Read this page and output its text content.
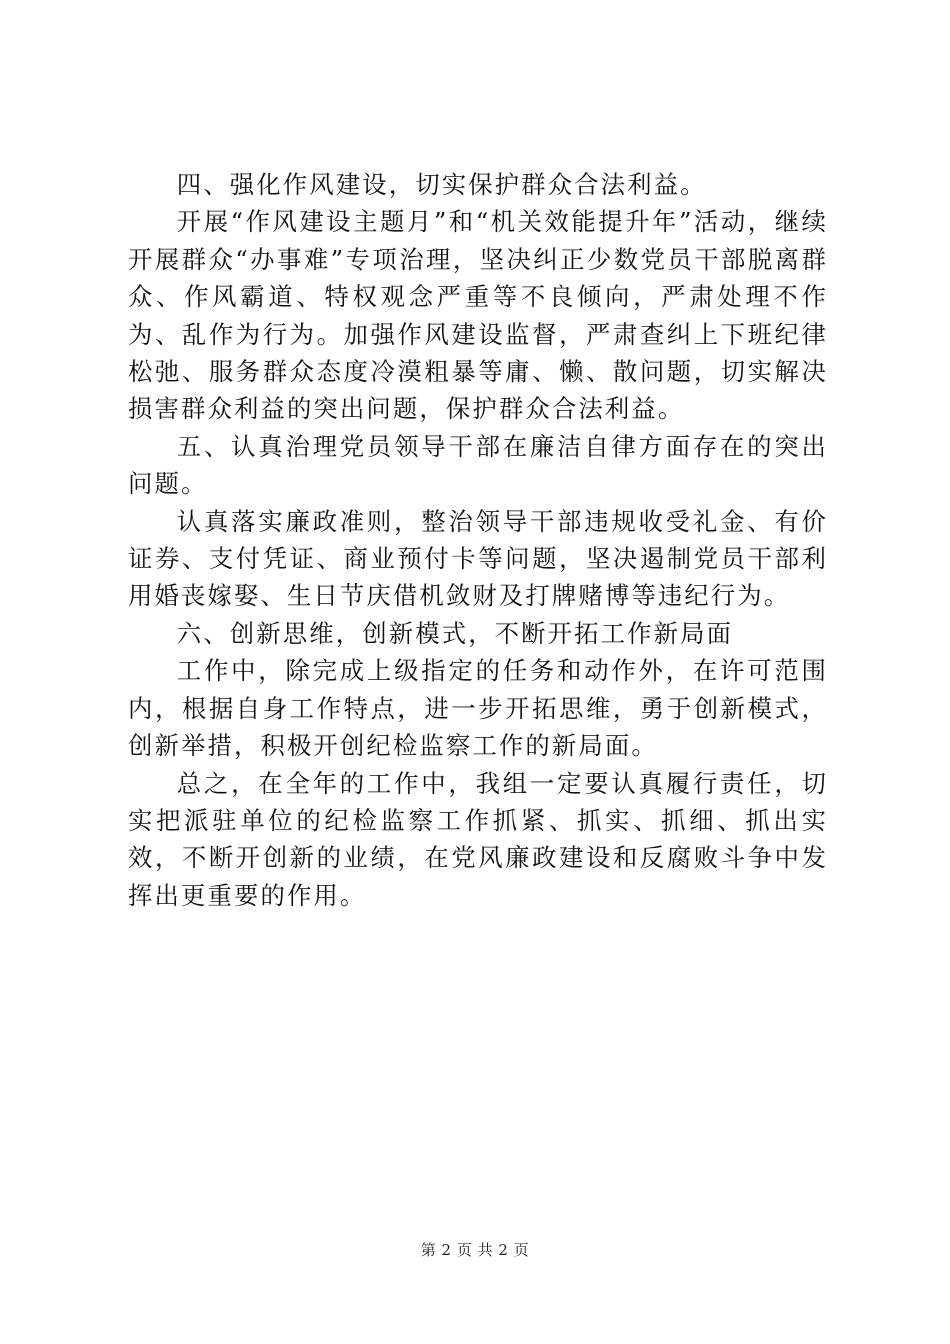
四、强化作风建设，切实保护群众合法利益。

开展“作风建设主题月”和“机关效能提升年”活动，继续开展群众“办事难”专项治理，坚决纠正少数党员干部脱离群众、作风霸道、特权观念严重等不良倾向，严肃处理不作为、乱作为行为。加强作风建设监督，严肃查纠上下班纪律松弛、服务群众态度冷漠粗暴等庸、懒、散问题，切实解决损害群众利益的突出问题，保护群众合法利益。

五、认真治理党员领导干部在廉洁自律方面存在的突出问题。

认真落实廉政准则，整治领导干部违规收受礼金、有价证券、支付凭证、商业预付卡等问题，坚决遏制党员干部利用婚丧嫁娶、生日节庆借机敛财及打牌赌博等违纪行为。

六、创新思维，创新模式，不断开拓工作新局面

工作中，除完成上级指定的任务和动作外，在许可范围内，根据自身工作特点，进一步开拓思维，勇于创新模式，创新举措，积极开创纪检监察工作的新局面。

总之，在全年的工作中，我组一定要认真履行责任，切实把派驻单位的纪检监察工作抓紧、抓实、抓细、抓出实效，不断开创新的业绩，在党风廉政建设和反腐败斗争中发挥出更重要的作用。

第 2 页 共 2 页
